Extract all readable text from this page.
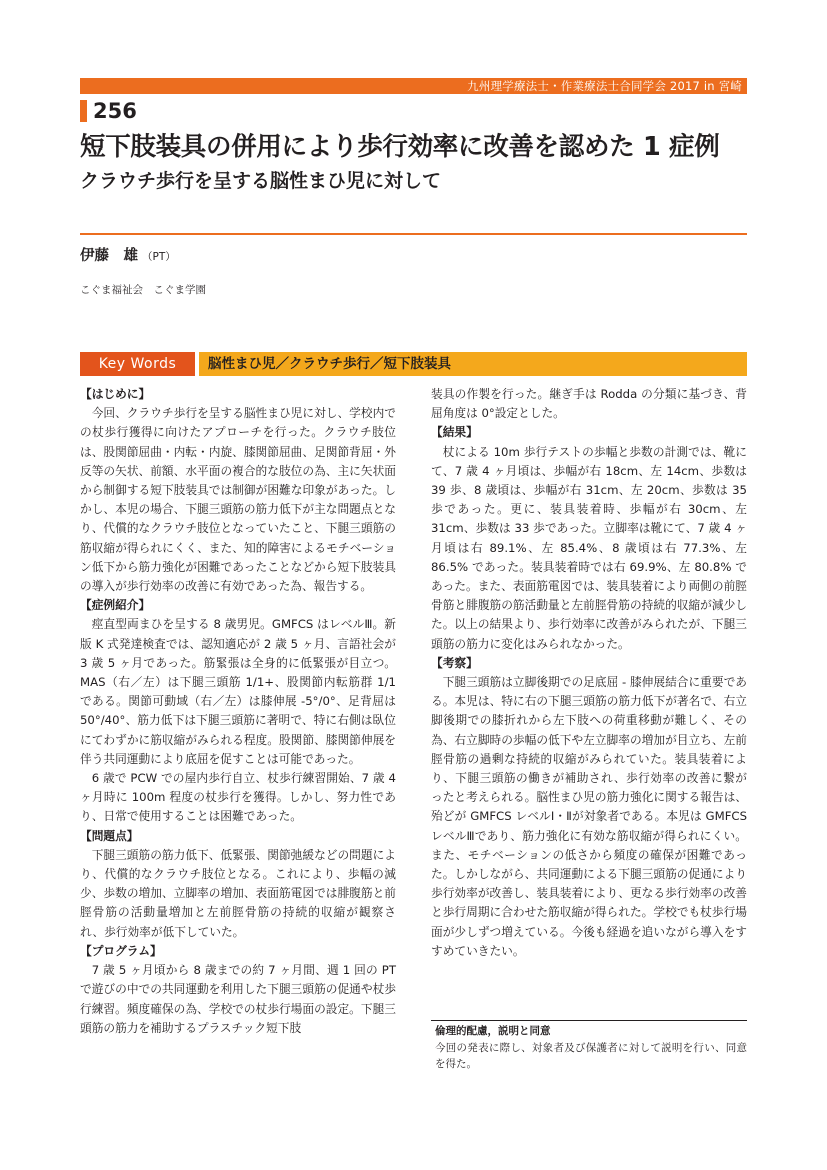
九州理学療法士・作業療法士合同学会 2017 in 宮崎
256
短下肢装具の併用により歩行効率に改善を認めた 1 症例
クラウチ歩行を呈する脳性まひ児に対して
伊藤　雄 （PT）
こぐま福祉会　こぐま学園
Key Words	脳性まひ児／クラウチ歩行／短下肢装具

【はじめに】

今回、クラウチ歩行を呈する脳性まひ児に対し、学校内での杖歩行獲得に向けたアプローチを行った。クラウチ肢位は、股関節屈曲・内転・内旋、膝関節屈曲、足関節背屈・外反等の矢状、前額、水平面の複合的な肢位の為、主に矢状面から制御する短下肢装具では制御が困難な印象があった。しかし、本児の場合、下腿三頭筋の筋力低下が主な問題点となり、代償的なクラウチ肢位となっていたこと、下腿三頭筋の筋収縮が得られにくく、また、知的障害によるモチベーション低下から筋力強化が困難であったことなどから短下肢装具の導入が歩行効率の改善に有効であった為、報告する。

【症例紹介】

痙直型両まひを呈する 8 歳男児。GMFCS はレベルⅢ。新版 K 式発達検査では、認知適応が 2 歳 5 ヶ月、言語社会が 3 歳 5 ヶ月であった。筋緊張は全身的に低緊張が目立つ。MAS（右／左）は下腿三頭筋 1/1+、股関節内転筋群 1/1 である。関節可動域（右／左）は膝伸展 -5°/0°、足背屈は 50°/40°、筋力低下は下腿三頭筋に著明で、特に右側は臥位にてわずかに筋収縮がみられる程度。股関節、膝関節伸展を伴う共同運動により底屈を促すことは可能であった。

6 歳で PCW での屋内歩行自立、杖歩行練習開始、7 歳 4 ヶ月時に 100m 程度の杖歩行を獲得。しかし、努力性であり、日常で使用することは困難であった。

【問題点】

下腿三頭筋の筋力低下、低緊張、関節弛緩などの問題により、代償的なクラウチ肢位となる。これにより、歩幅の減少、歩数の増加、立脚率の増加、表面筋電図では腓腹筋と前脛骨筋の活動量増加と左前脛骨筋の持続的収縮が観察され、歩行効率が低下していた。

【プログラム】

7 歳 5 ヶ月頃から 8 歳までの約 7 ヶ月間、週 1 回の PT で遊びの中での共同運動を利用した下腿三頭筋の促通や杖歩行練習。頻度確保の為、学校での杖歩行場面の設定。下腿三頭筋の筋力を補助するプラスチック短下肢

装具の作製を行った。継ぎ手は Rodda の分類に基づき、背屈角度は 0°設定とした。

【結果】

杖による 10m 歩行テストの歩幅と歩数の計測では、靴にて、7 歳 4 ヶ月頃は、歩幅が右 18cm、左 14cm、歩数は 39 歩、8 歳頃は、歩幅が右 31cm、左 20cm、歩数は 35 歩であった。更に、装具装着時、歩幅が右 30cm、左 31cm、歩数は 33 歩であった。立脚率は靴にて、7 歳 4 ヶ月頃は右 89.1%、左 85.4%、8 歳頃は右 77.3%、左 86.5% であった。装具装着時では右 69.9%、左 80.8% であった。また、表面筋電図では、装具装着により両側の前脛骨筋と腓腹筋の筋活動量と左前脛骨筋の持続的収縮が減少した。以上の結果より、歩行効率に改善がみられたが、下腿三頭筋の筋力に変化はみられなかった。

【考察】

下腿三頭筋は立脚後期での足底屈 - 膝伸展結合に重要である。本児は、特に右の下腿三頭筋の筋力低下が著名で、右立脚後期での膝折れから左下肢への荷重移動が難しく、その為、右立脚時の歩幅の低下や左立脚率の増加が目立ち、左前脛骨筋の過剰な持続的収縮がみられていた。装具装着により、下腿三頭筋の働きが補助され、歩行効率の改善に繋がったと考えられる。脳性まひ児の筋力強化に関する報告は、殆どが GMFCS レベルⅠ・Ⅱが対象者である。本児は GMFCS レベルⅢであり、筋力強化に有効な筋収縮が得られにくい。また、モチベーションの低さから頻度の確保が困難であった。しかしながら、共同運動による下腿三頭筋の促通により歩行効率が改善し、装具装着により、更なる歩行効率の改善と歩行周期に合わせた筋収縮が得られた。学校でも杖歩行場面が少しずつ増えている。今後も経過を追いながら導入をすすめていきたい。

倫理的配慮，説明と同意
今回の発表に際し、対象者及び保護者に対して説明を行い、同意を得た。
